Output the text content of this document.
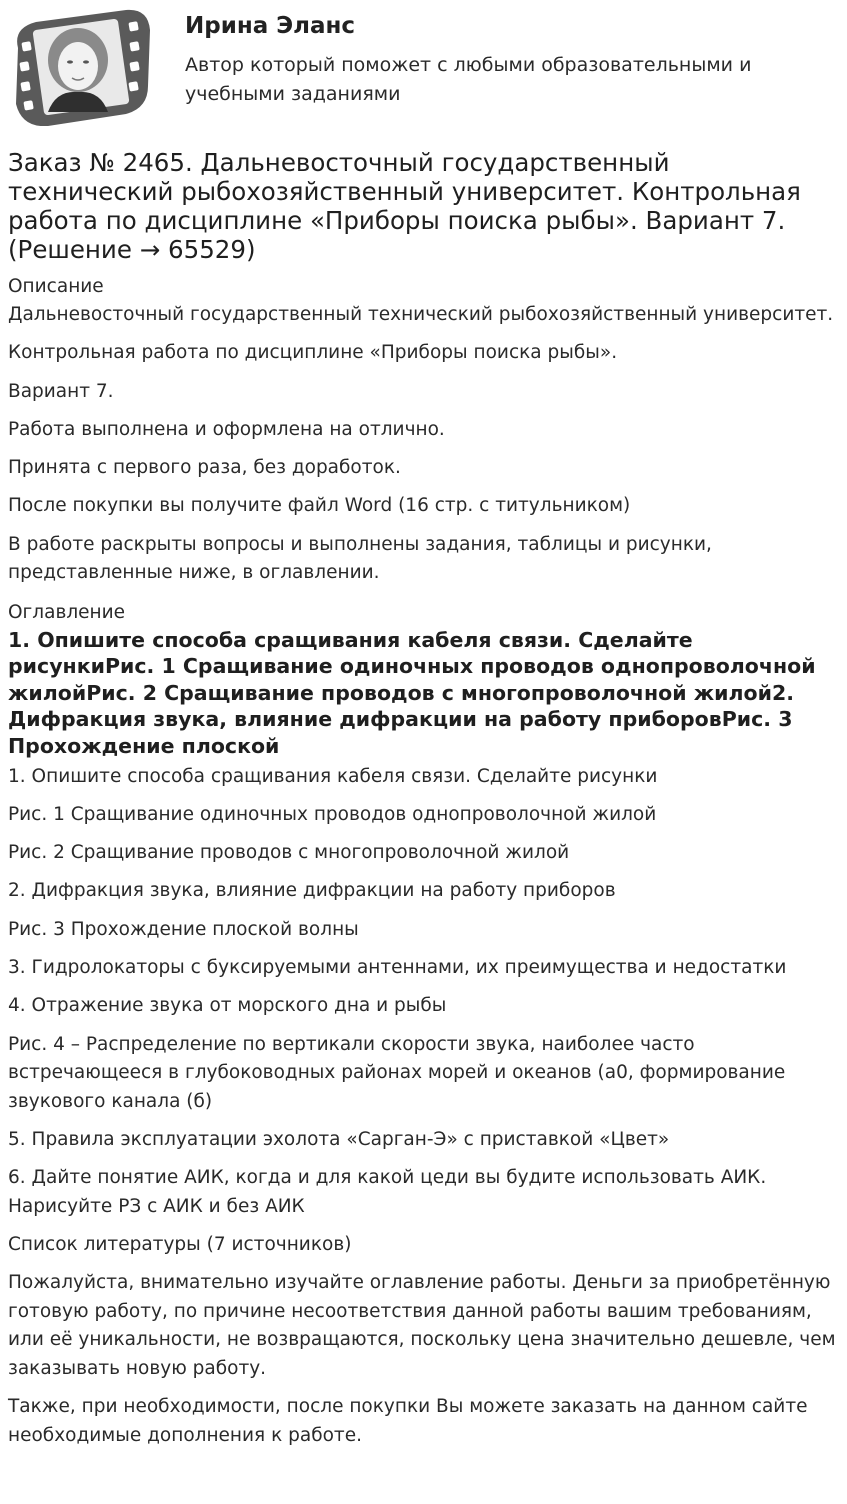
Ирина Эланс
Автор который поможет с любыми образовательными и учебными заданиями
Заказ № 2465. Дальневосточный государственный технический рыбохозяйственный университет. Контрольная работа по дисциплине «Приборы поиска рыбы». Вариант 7. (Решение → 65529)
Описание
Дальневосточный государственный технический рыбохозяйственный университет.
Контрольная работа по дисциплине «Приборы поиска рыбы».
Вариант 7.
Работа выполнена и оформлена на отлично.
Принята с первого раза, без доработок.
После покупки вы получите файл Word (16 стр. с титульником)
В работе раскрыты вопросы и выполнены задания, таблицы и рисунки, представленные ниже, в оглавлении.
Оглавление
1. Опишите способа сращивания кабеля связи. Сделайте рисункиРис. 1 Сращивание одиночных проводов однопроволочной жилойРис. 2 Сращивание проводов с многопроволочной жилой2. Дифракция звука, влияние дифракции на работу приборовРис. 3 Прохождение плоской
1. Опишите способа сращивания кабеля связи. Сделайте рисунки
Рис. 1 Сращивание одиночных проводов однопроволочной жилой
Рис. 2 Сращивание проводов с многопроволочной жилой
2. Дифракция звука, влияние дифракции на работу приборов
Рис. 3 Прохождение плоской волны
3. Гидролокаторы с буксируемыми антеннами, их преимущества и недостатки
4. Отражение звука от морского дна и рыбы
Рис. 4 – Распределение по вертикали скорости звука, наиболее часто встречающееся в глубоководных районах морей и океанов (а0, формирование звукового канала (б)
5. Правила эксплуатации эхолота «Сарган-Э» с приставкой «Цвет»
6. Дайте понятие АИК, когда и для какой цеди вы будите использовать АИК. Нарисуйте РЗ с АИК и без АИК
Список литературы (7 источников)
Пожалуйста, внимательно изучайте оглавление работы. Деньги за приобретённую готовую работу, по причине несоответствия данной работы вашим требованиям, или её уникальности, не возвращаются, поскольку цена значительно дешевле, чем заказывать новую работу.
Также, при необходимости, после покупки Вы можете заказать на данном сайте необходимые дополнения к работе.
